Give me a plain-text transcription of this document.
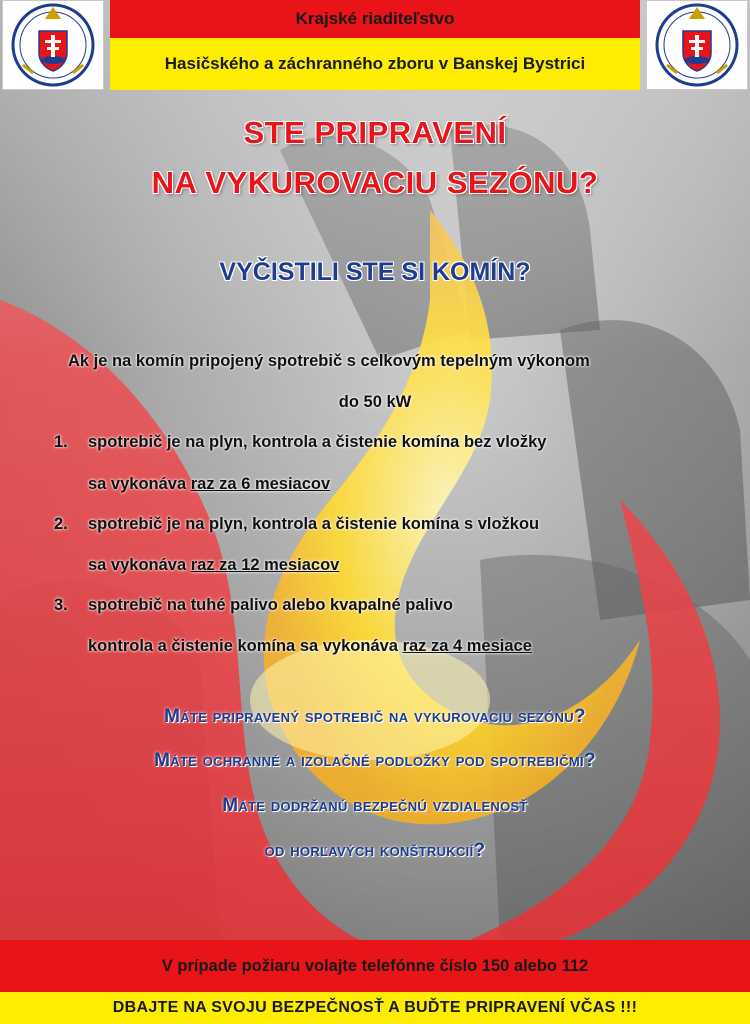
Krajské riaditeľstvo
Hasičského a záchranného zboru v Banskej Bystrici
STE PRIPRAVENÍ
NA VYKUROVACIU SEZÓNU?
VYČISTILI STE SI KOMÍN?
Ak je na komín pripojený spotrebič s celkovým tepelným výkonom
do 50 kW
1. spotrebič je na plyn, kontrola a čistenie komína bez vložky
sa vykonáva raz za 6 mesiacov
2. spotrebič je na plyn, kontrola a čistenie komína s vložkou
sa vykonáva raz za 12 mesiacov
3. spotrebič na tuhé palivo alebo kvapalné palivo
kontrola a čistenie komína sa vykonáva raz za 4 mesiace
Máte pripravený spotrebič na vykurovaciu sezónu?
Máte ochranné a izolačné podložky pod spotrebičmi?
Máte dodržanú bezpečnú vzdialenosť
od horľavých konštrukcií?
V prípade požiaru volajte telefónne číslo 150 alebo 112
DBAJTE NA SVOJU BEZPEČNOSŤ A BUĎTE PRIPRAVENÍ VČAS !!!
